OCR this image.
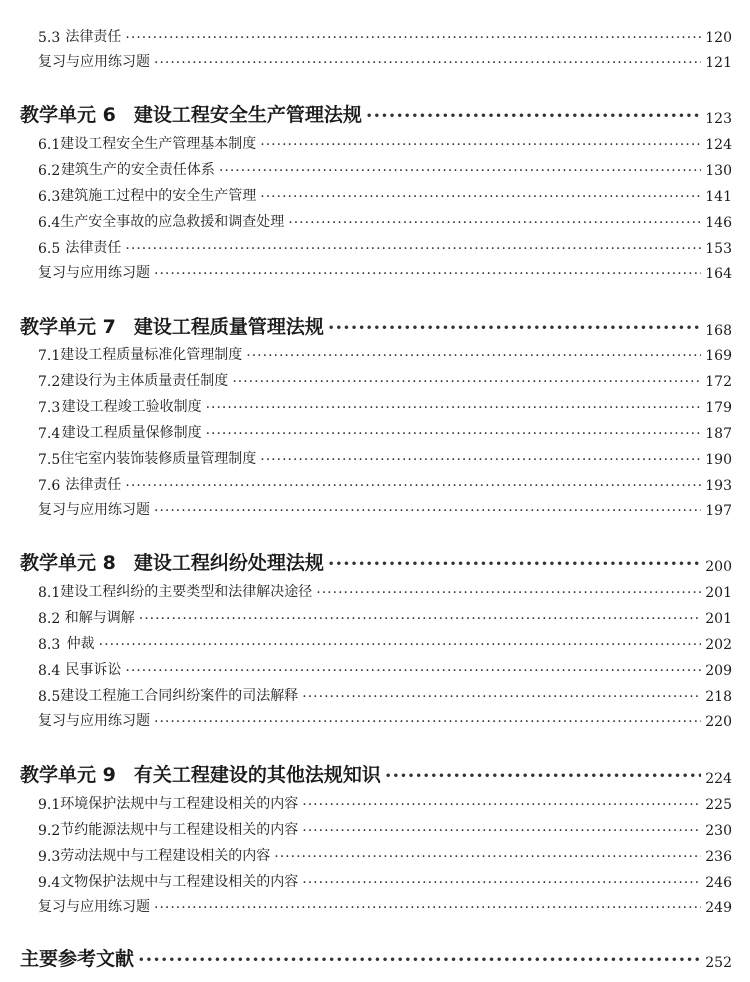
5.3 法律责任 ·····	120
复习与应用练习题 ·····	121
教学单元 6 建设工程安全生产管理法规 ·····	123
6.1 建设工程安全生产管理基本制度 ·····	124
6.2 建筑生产的安全责任体系 ·····	130
6.3 建筑施工过程中的安全生产管理 ·····	141
6.4 生产安全事故的应急救援和调查处理 ·····	146
6.5 法律责任 ·····	153
复习与应用练习题 ·····	164
教学单元 7 建设工程质量管理法规 ·····	168
7.1 建设工程质量标准化管理制度 ·····	169
7.2 建设行为主体质量责任制度 ·····	172
7.3 建设工程竣工验收制度 ·····	179
7.4 建设工程质量保修制度 ·····	187
7.5 住宅室内装饰装修质量管理制度 ·····	190
7.6 法律责任 ·····	193
复习与应用练习题 ·····	197
教学单元 8 建设工程纠纷处理法规 ·····	200
8.1 建设工程纠纷的主要类型和法律解决途径 ·····	201
8.2 和解与调解 ·····	201
8.3 仲裁 ·····	202
8.4 民事诉讼 ·····	209
8.5 建设工程施工合同纠纷案件的司法解释 ·····	218
复习与应用练习题 ·····	220
教学单元 9 有关工程建设的其他法规知识 ·····	224
9.1 环境保护法规中与工程建设相关的内容 ·····	225
9.2 节约能源法规中与工程建设相关的内容 ·····	230
9.3 劳动法规中与工程建设相关的内容 ·····	236
9.4 文物保护法规中与工程建设相关的内容 ·····	246
复习与应用练习题 ·····	249
主要参考文献 ·····	252
